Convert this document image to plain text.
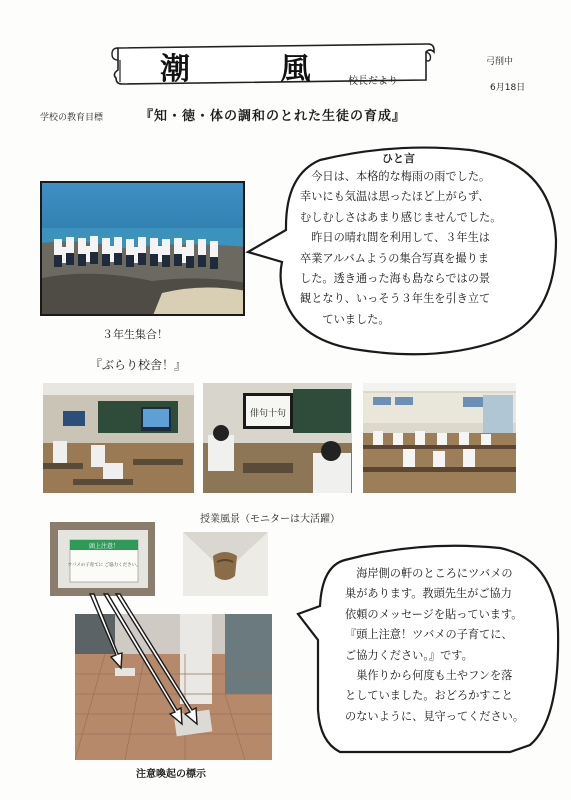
潮 風
校長だより
弓削中
6月18日
学校の教育目標	『知・徳・体の調和のとれた生徒の育成』
ひと言

　今日は、本格的な梅雨の雨でした。

幸いにも気温は思ったほど上がらず、

むしむしさはあまり感じませんでした。

　昨日の晴れ間を利用して、３年生は

卒業アルバムようの集合写真を撮りま

した。透き通った海も島ならではの景

観となり、いっそう３年生を引き立て

　　ていました。

３年生集合！
『ぶらり校舎！』
俳句十句
授業風景（モニターは大活躍）
頭上注意！
ツバメの子育てに ご協力ください。
注意喚起の標示

　海岸側の軒のところにツバメの

巣があります。教頭先生がご協力

依頼のメッセージを貼っています。

『頭上注意！ツバメの子育てに、

ご協力ください。』です。

　巣作りから何度も土やフンを落

としていました。おどろかすこと

のないように、見守ってください。
